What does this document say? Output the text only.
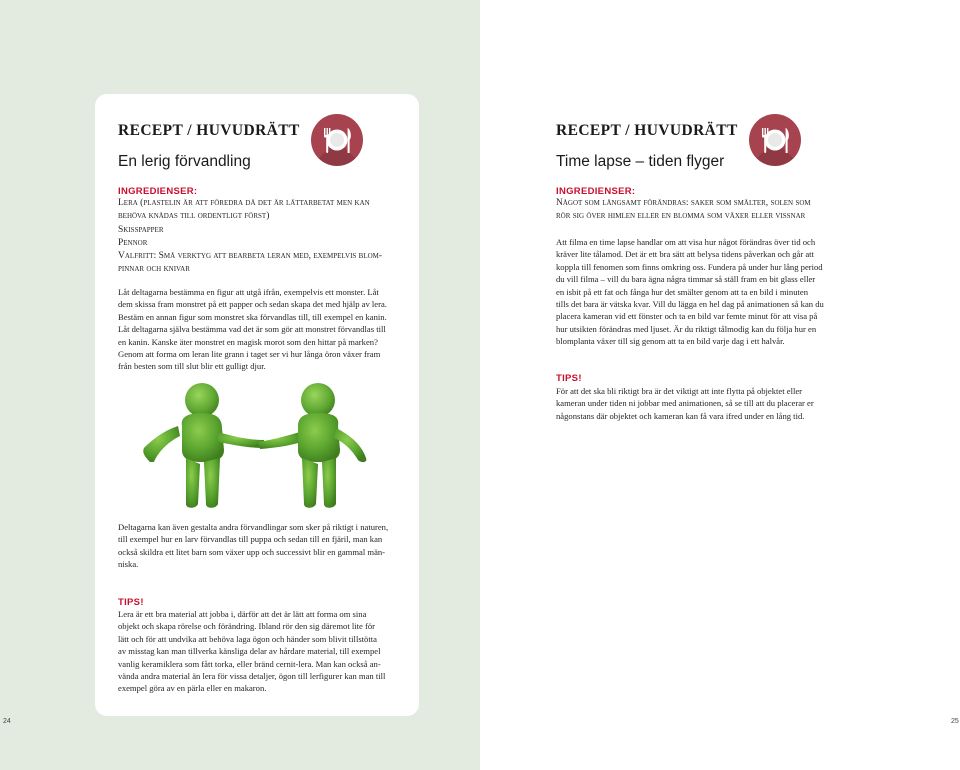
RECEPT / HUVUDRÄTT
En lerig förvandling
INGREDIENSER:
Lera (plastelin är att föredra då det är lättarbetat men kan
behöva knådas till ordentligt först)
Skisspapper
Pennor
Valfritt: Små verktyg att bearbeta leran med, exempelvis blom-
pinnar och knivar
Låt deltagarna bestämma en figur att utgå ifrån, exempelvis ett monster. Låt
dem skissa fram monstret på ett papper och sedan skapa det med hjälp av lera.
Bestäm en annan figur som monstret ska förvandlas till, till exempel en kanin.
Låt deltagarna själva bestämma vad det är som gör att monstret förvandlas till
en kanin. Kanske äter monstret en magisk morot som den hittar på marken?
Genom att forma om leran lite grann i taget ser vi hur långa öron växer fram
från besten som till slut blir ett gulligt djur.
Deltagarna kan även gestalta andra förvandlingar som sker på riktigt i naturen,
till exempel hur en larv förvandlas till puppa och sedan till en fjäril, man kan
också skildra ett litet barn som växer upp och successivt blir en gammal män-
niska.
TIPS!
Lera är ett bra material att jobba i, därför att det är lätt att forma om sina
objekt och skapa rörelse och förändring. Ibland rör den sig däremot lite för
lätt och för att undvika att behöva laga ögon och händer som blivit tillstötta
av misstag kan man tillverka känsliga delar av hårdare material, till exempel
vanlig keramiklera som fått torka, eller bränd cernit-lera. Man kan också an-
vända andra material än lera för vissa detaljer, ögon till lerfigurer kan man till
exempel göra av en pärla eller en makaron.
24
RECEPT / HUVUDRÄTT
Time lapse – tiden flyger
INGREDIENSER:
Något som långsamt förändras: saker som smälter, solen som
rör sig över himlen eller en blomma som växer eller vissnar
Att filma en time lapse handlar om att visa hur något förändras över tid och
kräver lite tålamod. Det är ett bra sätt att belysa tidens påverkan och går att
koppla till fenomen som finns omkring oss. Fundera på under hur lång period
du vill filma – vill du bara ägna några timmar så ställ fram en bit glass eller
en isbit på ett fat och fånga hur det smälter genom att ta en bild i minuten
tills det bara är vätska kvar. Vill du lägga en hel dag på animationen så kan du
placera kameran vid ett fönster och ta en bild var femte minut för att visa på
hur utsikten förändras med ljuset. Är du riktigt tålmodig kan du följa hur en
blomplanta växer till sig genom att ta en bild varje dag i ett halvår.
TIPS!
För att det ska bli riktigt bra är det viktigt att inte flytta på objektet eller
kameran under tiden ni jobbar med animationen, så se till att du placerar er
någonstans där objektet och kameran kan få vara ifred under en lång tid.
25
